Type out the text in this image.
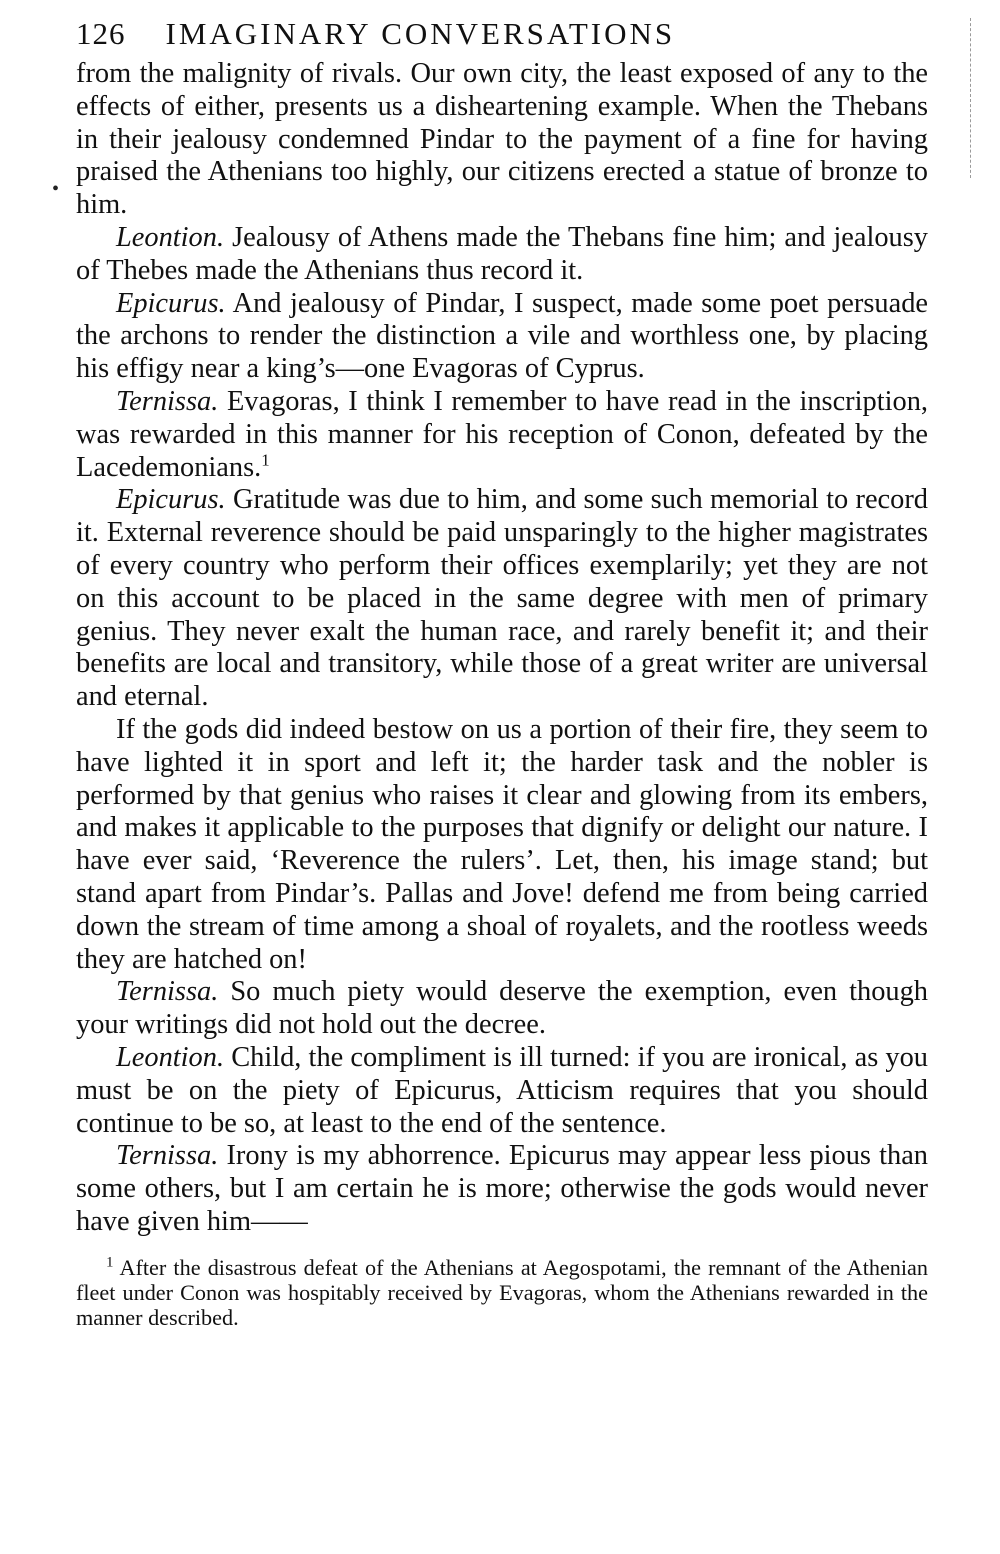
•
126 IMAGINARY CONVERSATIONS

from the malignity of rivals. Our own city, the least exposed of any to the effects of either, presents us a disheartening example. When the Thebans in their jealousy condemned Pindar to the payment of a fine for having praised the Athenians too highly, our citizens erected a statue of bronze to him.

Leontion. Jealousy of Athens made the Thebans fine him; and jealousy of Thebes made the Athenians thus record it.

Epicurus. And jealousy of Pindar, I suspect, made some poet persuade the archons to render the distinction a vile and worthless one, by placing his effigy near a king’s—one Evagoras of Cyprus.

Ternissa. Evagoras, I think I remember to have read in the inscription, was rewarded in this manner for his reception of Conon, defeated by the Lacedemonians.$^1$

Epicurus. Gratitude was due to him, and some such memorial to record it. External reverence should be paid unsparingly to the higher magistrates of every country who perform their offices exemplarily; yet they are not on this account to be placed in the same degree with men of primary genius. They never exalt the human race, and rarely benefit it; and their benefits are local and transitory, while those of a great writer are universal and eternal.

If the gods did indeed bestow on us a portion of their fire, they seem to have lighted it in sport and left it; the harder task and the nobler is performed by that genius who raises it clear and glowing from its embers, and makes it applicable to the purposes that dignify or delight our nature. I have ever said, ‘Reverence the rulers’. Let, then, his image stand; but stand apart from Pindar’s. Pallas and Jove! defend me from being carried down the stream of time among a shoal of royalets, and the rootless weeds they are hatched on!

Ternissa. So much piety would deserve the exemption, even though your writings did not hold out the decree.

Leontion. Child, the compliment is ill turned: if you are ironical, as you must be on the piety of Epicurus, Atticism requires that you should continue to be so, at least to the end of the sentence.

Ternissa. Irony is my abhorrence. Epicurus may appear less pious than some others, but I am certain he is more; otherwise the gods would never have given him——

$^1$ After the disastrous defeat of the Athenians at Aegospotami, the remnant of the Athenian fleet under Conon was hospitably received by Evagoras, whom the Athenians rewarded in the manner described.
